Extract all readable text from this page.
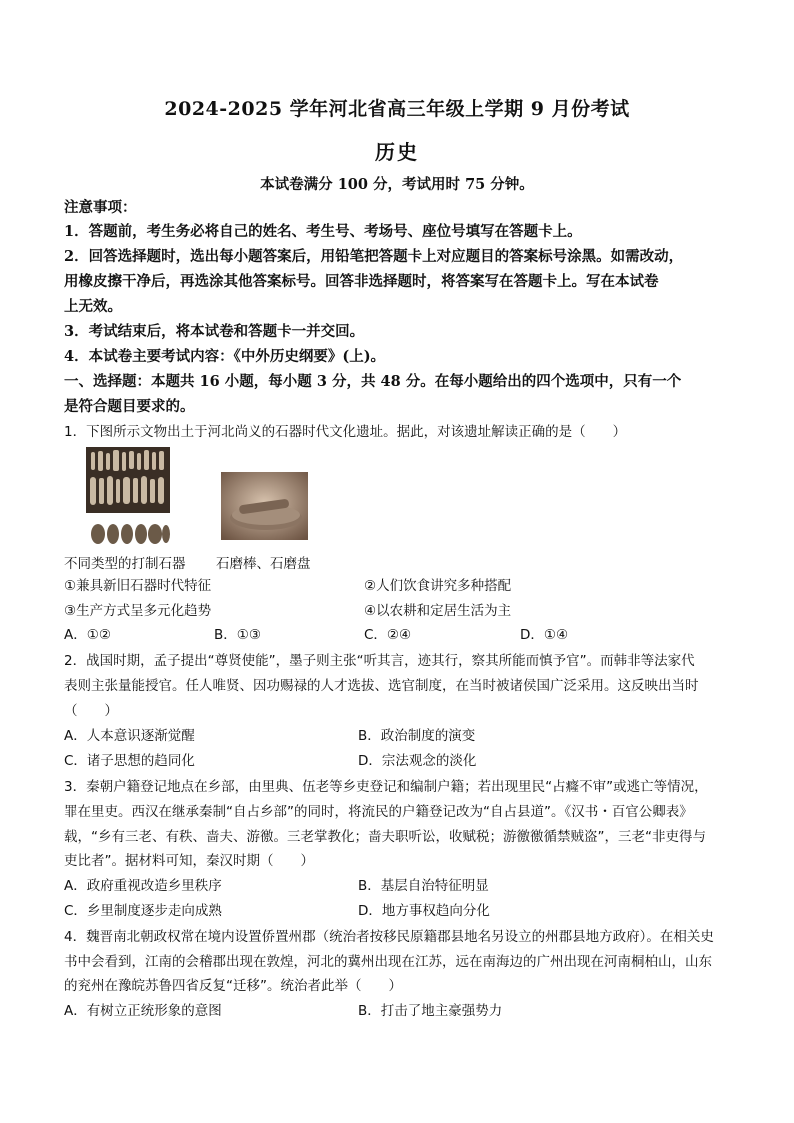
2024-2025 学年河北省高三年级上学期 9 月份考试
历史
本试卷满分 100 分，考试用时 75 分钟。
注意事项：
1．答题前，考生务必将自己的姓名、考生号、考场号、座位号填写在答题卡上。
2．回答选择题时，选出每小题答案后，用铅笔把答题卡上对应题目的答案标号涂黑。如需改动，
用橡皮擦干净后，再选涂其他答案标号。回答非选择题时，将答案写在答题卡上。写在本试卷
上无效。
3．考试结束后，将本试卷和答题卡一并交回。
4．本试卷主要考试内容：《中外历史纲要》(上)。
一、选择题：本题共 16 小题，每小题 3 分，共 48 分。在每小题给出的四个选项中，只有一个
是符合题目要求的。
1．下图所示文物出土于河北尚义的石器时代文化遗址。据此，对该遗址解读正确的是（　　）
不同类型的打制石器 石磨棒、石磨盘
①兼具新旧石器时代特征	②人们饮食讲究多种搭配
③生产方式呈多元化趋势	④以农耕和定居生活为主
A．①②	B．①③	C．②④	D．①④
2．战国时期，孟子提出“尊贤使能”，墨子则主张“听其言，迹其行，察其所能而慎予官”。而韩非等法家代
表则主张量能授官。任人唯贤、因功赐禄的人才选拔、选官制度，在当时被诸侯国广泛采用。这反映出当时
（　　）
A．人本意识逐渐觉醒	B．政治制度的演变
C．诸子思想的趋同化	D．宗法观念的淡化
3．秦朝户籍登记地点在乡部，由里典、伍老等乡吏登记和编制户籍；若出现里民“占癃不审”或逃亡等情况，
罪在里吏。西汉在继承秦制“自占乡部”的同时，将流民的户籍登记改为“自占县道”。《汉书・百官公卿表》
载，“乡有三老、有秩、啬夫、游徼。三老掌教化；啬夫职听讼，收赋税；游徼徼循禁贼盗”，三老“非吏得与
吏比者”。据材料可知，秦汉时期（　　）
A．政府重视改造乡里秩序	B．基层自治特征明显
C．乡里制度逐步走向成熟	D．地方事权趋向分化
4．魏晋南北朝政权常在境内设置侨置州郡（统治者按移民原籍郡县地名另设立的州郡县地方政府）。在相关史
书中会看到，江南的会稽郡出现在敦煌，河北的冀州出现在江苏，远在南海边的广州出现在河南桐柏山，山东
的兖州在豫皖苏鲁四省反复“迁移”。统治者此举（　　）
A．有树立正统形象的意图	B．打击了地主豪强势力
